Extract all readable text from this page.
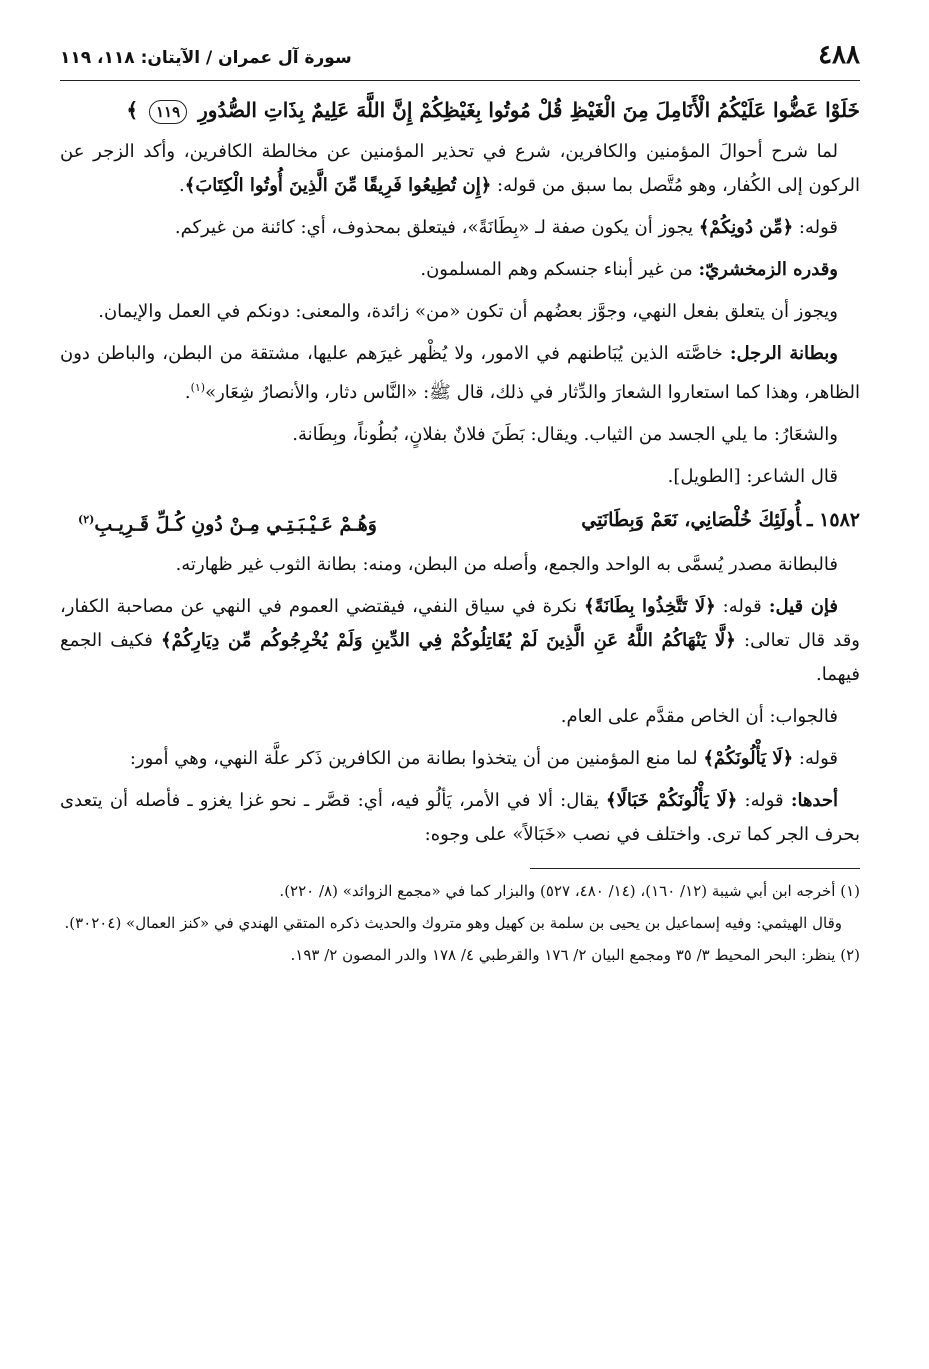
٤٨٨
سورة آل عمران / الآيتان: ١١٨، ١١٩
خَلَوْا عَضُّوا عَلَيْكُمُ الْأَنَامِلَ مِنَ الْغَيْظِ قُلْ مُوتُوا بِغَيْظِكُمْ إِنَّ اللَّهَ عَلِيمٌ بِذَاتِ الصُّدُورِ ١١٩ ﴾

لما شرح أحوالَ المؤمنين والكافرين، شرع في تحذير المؤمنين عن مخالطة الكافرين، وأكد الزجر عن الركون إلى الكُفار، وهو مُتَّصل بما سبق من قوله: ﴿إِن تُطِيعُوا فَرِيقًا مِّنَ الَّذِينَ أُوتُوا الْكِتَابَ﴾.

قوله: ﴿مِّن دُونِكُمْ﴾ يجوز أن يكون صفة لـ «بِطَانَةً»، فيتعلق بمحذوف، أي: كائنة من غيركم.

وقدره الزمخشريّ: من غير أبناء جنسكم وهم المسلمون.

ويجوز أن يتعلق بفعل النهي، وجوَّز بعضُهم أن تكون «من» زائدة، والمعنى: دونكم في العمل والإيمان.

وبطانة الرجل: خاصَّته الذين يُبَاطنهم في الامور، ولا يُظْهر غيرَهم عليها، مشتقة من البطن، والباطن دون الظاهر، وهذا كما استعاروا الشعارَ والدِّثار في ذلك، قال ﷺ: «النَّاس دثار، والأنصارُ شِعَار»$^{(١)}$.

والشعَارُ: ما يلي الجسد من الثياب. ويقال: بَطَنَ فلانٌ بفلانٍ، بُطُوناً، وبِطَانة.

قال الشاعر: [الطويل].

١٥٨٢ ـأُولَئِكَ خُلْصَانِي، نَعَمْ وَبِطَانَتِي
وَهُـمْ عَـيْـبَـتِـي مِـنْ دُونِ كُـلِّ قَـرِيـبِ$^{(٢)}$

فالبطانة مصدر يُسمَّى به الواحد والجمع، وأصله من البطن، ومنه: بطانة الثوب غير ظهارته.

فإن قيل: قوله: ﴿لَا تَتَّخِذُوا بِطَانَةً﴾ نكرة في سياق النفي، فيقتضي العموم في النهي عن مصاحبة الكفار، وقد قال تعالى: ﴿لَّا يَنْهَاكُمُ اللَّهُ عَنِ الَّذِينَ لَمْ يُقَاتِلُوكُمْ فِي الدِّينِ وَلَمْ يُخْرِجُوكُم مِّن دِيَارِكُمْ﴾ فكيف الجمع فيهما.

فالجواب: أن الخاص مقدَّم على العام.

قوله: ﴿لَا يَأْلُونَكُمْ﴾ لما منع المؤمنين من أن يتخذوا بطانة من الكافرين ذَكر علَّة النهي، وهي أمور:

أحدها: قوله: ﴿لَا يَأْلُونَكُمْ خَبَالًا﴾ يقال: ألا في الأمر، يَألُو فيه، أي: قصَّر ـ نحو غزا يغزو ـ فأصله أن يتعدى بحرف الجر كما ترى. واختلف في نصب «خَبَالاً» على وجوه:

(١) أخرجه ابن أبي شيبة (١٢/ ١٦٠)، (١٤/ ٤٨٠، ٥٢٧) والبزار كما في «مجمع الزوائد» (٨/ ٢٢٠).
وقال الهيثمي: وفيه إسماعيل بن يحيى بن سلمة بن كهيل وهو متروك والحديث ذكره المتقي الهندي في «كنز العمال» (٣٠٢٠٤).
(٢) ينظر: البحر المحيط ٣/ ٣٥ ومجمع البيان ٢/ ١٧٦ والقرطبي ٤/ ١٧٨ والدر المصون ٢/ ١٩٣.
